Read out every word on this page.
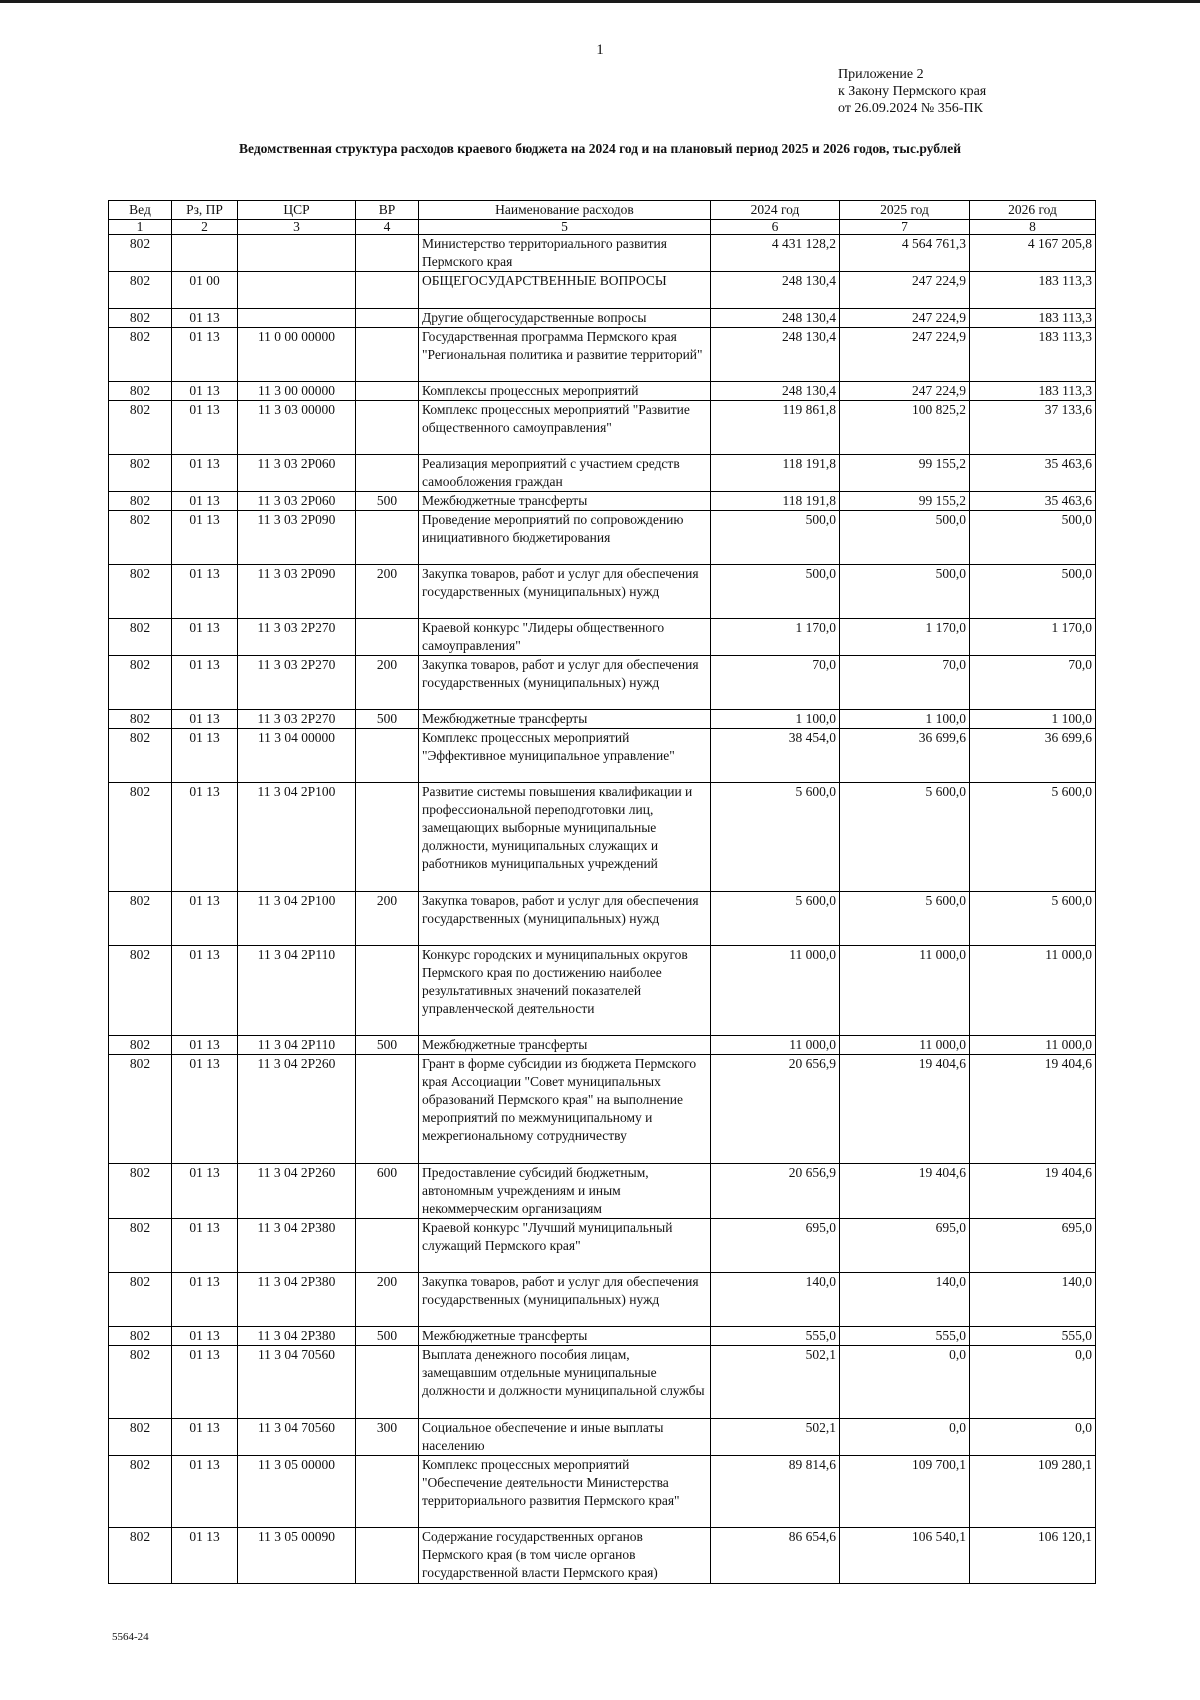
1
Приложение 2
к Закону Пермского края
от 26.09.2024 № 356-ПК
Ведомственная структура расходов краевого бюджета на 2024 год и на плановый период 2025 и 2026 годов, тыс.рублей
Вед	Рз, ПР	ЦСР	ВР	Наименование расходов	2024 год	2025 год	2026 год
1	2	3	4	5	6	7	8
802				Министерство территориального развития Пермского края	4 431 128,2	4 564 761,3	4 167 205,8
802	01 00			ОБЩЕГОСУДАРСТВЕННЫЕ ВОПРОСЫ	248 130,4	247 224,9	183 113,3
802	01 13			Другие общегосударственные вопросы	248 130,4	247 224,9	183 113,3
802	01 13	11 0 00 00000		Государственная программа Пермского края "Региональная политика и развитие территорий"	248 130,4	247 224,9	183 113,3
802	01 13	11 3 00 00000		Комплексы процессных мероприятий	248 130,4	247 224,9	183 113,3
802	01 13	11 3 03 00000		Комплекс процессных мероприятий "Развитие общественного самоуправления"	119 861,8	100 825,2	37 133,6
802	01 13	11 3 03 2Р060		Реализация мероприятий с участием средств самообложения граждан	118 191,8	99 155,2	35 463,6
802	01 13	11 3 03 2Р060	500	Межбюджетные трансферты	118 191,8	99 155,2	35 463,6
802	01 13	11 3 03 2Р090		Проведение мероприятий по сопровождению инициативного бюджетирования	500,0	500,0	500,0
802	01 13	11 3 03 2Р090	200	Закупка товаров, работ и услуг для обеспечения государственных (муниципальных) нужд	500,0	500,0	500,0
802	01 13	11 3 03 2Р270		Краевой конкурс "Лидеры общественного самоуправления"	1 170,0	1 170,0	1 170,0
802	01 13	11 3 03 2Р270	200	Закупка товаров, работ и услуг для обеспечения государственных (муниципальных) нужд	70,0	70,0	70,0
802	01 13	11 3 03 2Р270	500	Межбюджетные трансферты	1 100,0	1 100,0	1 100,0
802	01 13	11 3 04 00000		Комплекс процессных мероприятий "Эффективное муниципальное управление"	38 454,0	36 699,6	36 699,6
802	01 13	11 3 04 2Р100		Развитие системы повышения квалификации и профессиональной переподготовки лиц, замещающих выборные муниципальные должности, муниципальных служащих и работников муниципальных учреждений	5 600,0	5 600,0	5 600,0
802	01 13	11 3 04 2Р100	200	Закупка товаров, работ и услуг для обеспечения государственных (муниципальных) нужд	5 600,0	5 600,0	5 600,0
802	01 13	11 3 04 2Р110		Конкурс городских и муниципальных округов Пермского края по достижению наиболее результативных значений показателей управленческой деятельности	11 000,0	11 000,0	11 000,0
802	01 13	11 3 04 2Р110	500	Межбюджетные трансферты	11 000,0	11 000,0	11 000,0
802	01 13	11 3 04 2Р260		Грант в форме субсидии из бюджета Пермского края Ассоциации "Совет муниципальных образований Пермского края" на выполнение мероприятий по межмуниципальному и межрегиональному сотрудничеству	20 656,9	19 404,6	19 404,6
802	01 13	11 3 04 2Р260	600	Предоставление субсидий бюджетным, автономным учреждениям и иным некоммерческим организациям	20 656,9	19 404,6	19 404,6
802	01 13	11 3 04 2Р380		Краевой конкурс "Лучший муниципальный служащий Пермского края"	695,0	695,0	695,0
802	01 13	11 3 04 2Р380	200	Закупка товаров, работ и услуг для обеспечения государственных (муниципальных) нужд	140,0	140,0	140,0
802	01 13	11 3 04 2Р380	500	Межбюджетные трансферты	555,0	555,0	555,0
802	01 13	11 3 04 70560		Выплата денежного пособия лицам, замещавшим отдельные муниципальные должности и должности муниципальной службы	502,1	0,0	0,0
802	01 13	11 3 04 70560	300	Социальное обеспечение и иные выплаты населению	502,1	0,0	0,0
802	01 13	11 3 05 00000		Комплекс процессных мероприятий "Обеспечение деятельности Министерства территориального развития Пермского края"	89 814,6	109 700,1	109 280,1
802	01 13	11 3 05 00090		Содержание государственных органов Пермского края (в том числе органов государственной власти Пермского края)	86 654,6	106 540,1	106 120,1
5564-24
